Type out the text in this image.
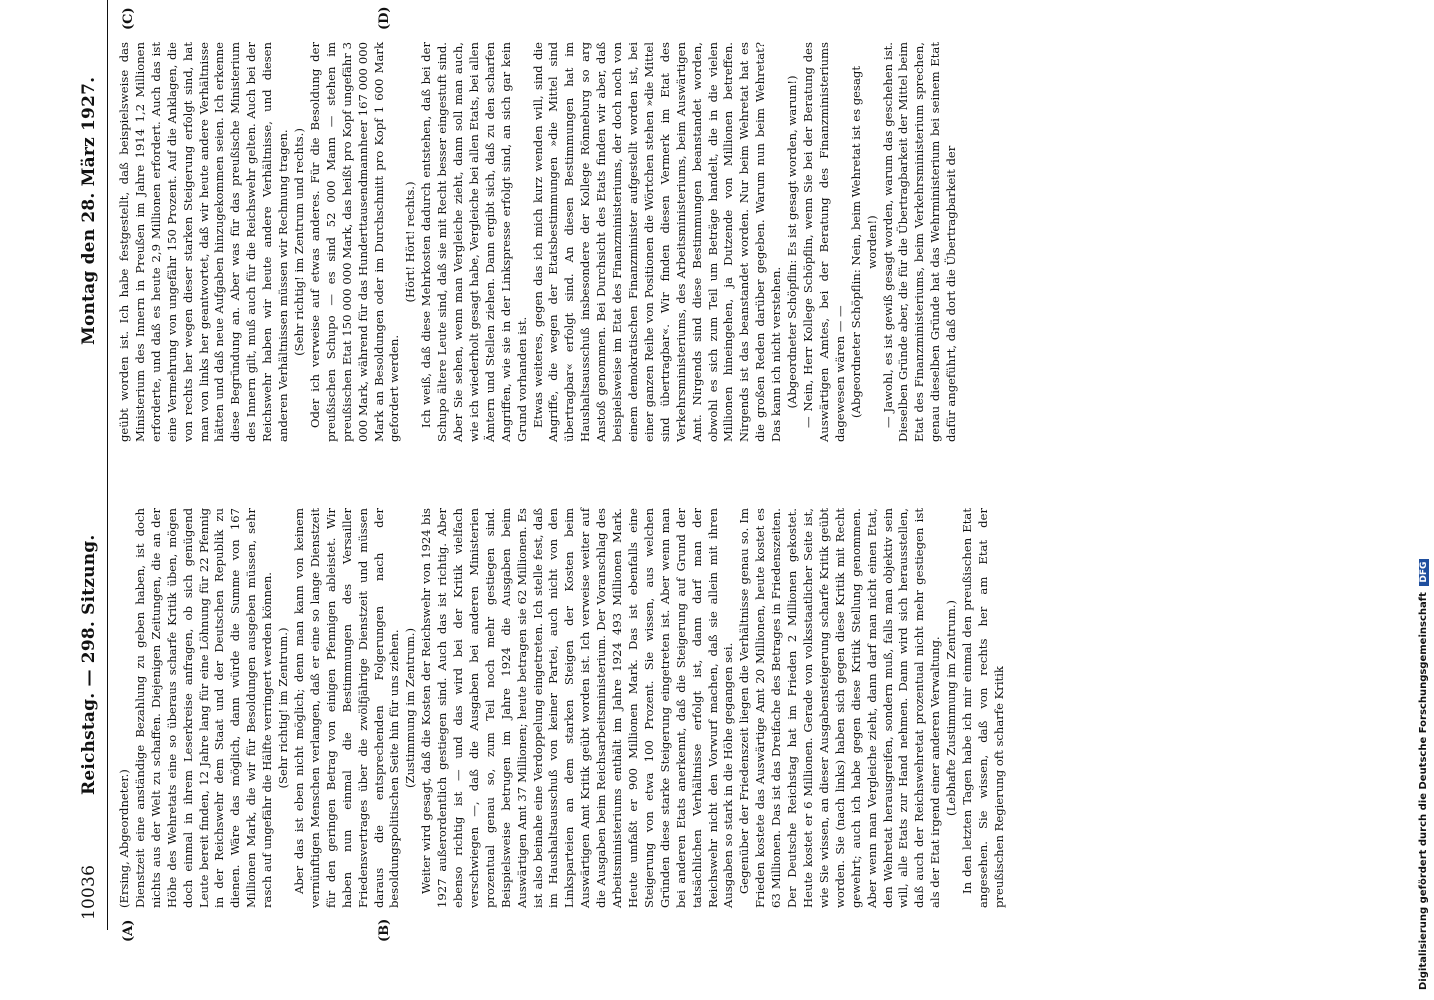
10036
Reichstag. — 298. Sitzung.
Montag den 28. März 1927.
(A)	(B)
(C)	(D)

(Ersing, Abgeordneter.) Dienstzeit eine anständige Bezahlung zu geben haben, ist doch nichts aus der Welt zu schaffen. Diejenigen Zeitungen, die an der Höhe des Wehretats eine so überaus scharfe Kritik üben, mögen doch einmal in ihrem Leserkreise anfragen, ob sich genügend Leute bereit finden, 12 Jahre lang für eine Löhnung für 22 Pfennig in der Reichswehr dem Staat und der Deutschen Republik zu dienen. Wäre das möglich, dann würde die Summe von 167 Millionen Mark, die wir für Besoldungen ausgeben müssen, sehr rasch auf ungefähr die Hälfte verringert werden können. (Sehr richtig! im Zentrum.) Aber das ist eben nicht möglich; denn man kann von keinem vernünftigen Menschen verlangen, daß er eine so lange Dienstzeit für den geringen Betrag von einigen Pfennigen ableistet. Wir haben nun einmal die Bestimmungen des Versailler Friedensvertrages über die zwölfjährige Dienstzeit und müssen daraus die entsprechenden Folgerungen nach der besoldungspolitischen Seite hin für uns ziehen. (Zustimmung im Zentrum.) Weiter wird gesagt, daß die Kosten der Reichswehr von 1924 bis 1927 außerordentlich gestiegen sind. Auch das ist richtig. Aber ebenso richtig ist — und das wird bei der Kritik vielfach verschwiegen —, daß die Ausgaben bei anderen Ministerien prozentual genau so, zum Teil noch mehr gestiegen sind. Beispielsweise betrugen im Jahre 1924 die Ausgaben beim Auswärtigen Amt 37 Millionen; heute betragen sie 62 Millionen. Es ist also beinahe eine Verdoppelung eingetreten. Ich stelle fest, daß im Haushaltsausschuß von keiner Partei, auch nicht von den Linksparteien an dem starken Steigen der Kosten beim Auswärtigen Amt Kritik geübt worden ist. Ich verweise weiter auf die Ausgaben beim Reichsarbeitsministerium. Der Voranschlag des Arbeitsministeriums enthält im Jahre 1924 493 Millionen Mark. Heute umfaßt er 900 Millionen Mark. Das ist ebenfalls eine Steigerung von etwa 100 Prozent. Sie wissen, aus welchen Gründen diese starke Steigerung eingetreten ist. Aber wenn man bei anderen Etats anerkennt, daß die Steigerung auf Grund der tatsächlichen Verhältnisse erfolgt ist, dann darf man der Reichswehr nicht den Vorwurf machen, daß sie allein mit ihren Ausgaben so stark in die Höhe gegangen sei. Gegenüber der Friedenszeit liegen die Verhältnisse genau so. Im Frieden kostete das Auswärtige Amt 20 Millionen, heute kostet es 63 Millionen. Das ist das Dreifache des Betrages in Friedenszeiten. Der Deutsche Reichstag hat im Frieden 2 Millionen gekostet. Heute kostet er 6 Millionen. Gerade von volksstaatlicher Seite ist, wie Sie wissen, an dieser Ausgabensteigerung scharfe Kritik geübt worden. Sie (nach links) haben sich gegen diese Kritik mit Recht gewehrt; auch ich habe gegen diese Kritik Stellung genommen. Aber wenn man Vergleiche zieht, dann darf man nicht einen Etat, den Wehretat herausgreifen, sondern muß, falls man objektiv sein will, alle Etats zur Hand nehmen. Dann wird sich herausstellen, daß auch der Reichswehretat prozentual nicht mehr gestiegen ist als der Etat irgend einer anderen Verwaltung. (Lebhafte Zustimmung im Zentrum.) In den letzten Tagen habe ich mir einmal den preußischen Etat angesehen. Sie wissen, daß von rechts her am Etat der preußischen Regierung oft scharfe Kritik

geübt worden ist. Ich habe festgestellt, daß beispielsweise das Ministerium des Innern in Preußen im Jahre 1914 1,2 Millionen erforderte, und daß es heute 2,9 Millionen erfordert. Auch das ist eine Vermehrung von ungefähr 150 Prozent. Auf die Anklagen, die von rechts her wegen dieser starken Steigerung erfolgt sind, hat man von links her geantwortet, daß wir heute andere Verhältnisse hätten und daß neue Aufgaben hinzugekommen seien. Ich erkenne diese Begründung an. Aber was für das preußische Ministerium des Innern gilt, muß auch für die Reichswehr gelten. Auch bei der Reichswehr haben wir heute andere Verhältnisse, und diesen anderen Verhältnissen müssen wir Rechnung tragen. (Sehr richtig! im Zentrum und rechts.) Oder ich verweise auf etwas anderes. Für die Besoldung der preußischen Schupo — es sind 52 000 Mann — stehen im preußischen Etat 150 000 000 Mark, das heißt pro Kopf ungefähr 3 000 Mark, während für das Hunderttausendmannheer 167 000 000 Mark an Besoldungen oder im Durchschnitt pro Kopf 1 600 Mark gefordert werden.

(Hört! Hört! rechts.) Ich weiß, daß diese Mehrkosten dadurch entstehen, daß bei der Schupo ältere Leute sind, daß sie mit Recht besser eingestuft sind. Aber Sie sehen, wenn man Vergleiche zieht, dann soll man auch, wie ich wiederholt gesagt habe, Vergleiche bei allen Etats, bei allen Ämtern und Stellen ziehen. Dann ergibt sich, daß zu den scharfen Angriffen, wie sie in der Linkspresse erfolgt sind, an sich gar kein Grund vorhanden ist. Etwas weiteres, gegen das ich mich kurz wenden will, sind die Angriffe, die wegen der Etatsbestimmungen »die Mittel sind übertragbar« erfolgt sind. An diesen Bestimmungen hat im Haushaltsausschuß insbesondere der Kollege Rönneburg so arg Anstoß genommen. Bei Durchsicht des Etats finden wir aber, daß beispielsweise im Etat des Finanzministeriums, der doch noch von einem demokratischen Finanzminister aufgestellt worden ist, bei einer ganzen Reihe von Positionen die Wörtchen stehen »die Mittel sind übertragbar«. Wir finden diesen Vermerk im Etat des Verkehrsministeriums, des Arbeitsministeriums, beim Auswärtigen Amt. Nirgends sind diese Bestimmungen beanstandet worden, obwohl es sich zum Teil um Beträge handelt, die in die vielen Millionen hineingehen, ja Dutzende von Millionen betreffen. Nirgends ist das beanstandet worden. Nur beim Wehretat hat es die großen Reden darüber gegeben. Warum nun beim Wehretat? Das kann ich nicht verstehen. (Abgeordneter Schöpflin: Es ist gesagt worden, warum!) — Nein, Herr Kollege Schöpflin, wenn Sie bei der Beratung des Auswärtigen Amtes, bei der Beratung des Finanzministeriums dagewesen wären — — (Abgeordneter Schöpflin: Nein, beim Wehretat ist es gesagt worden!) — Jawohl, es ist gewiß gesagt worden, warum das geschehen ist. Dieselben Gründe aber, die für die Übertragbarkeit der Mittel beim Etat des Finanzministeriums, beim Verkehrsministerium sprechen, genau dieselben Gründe hat das Wehrministerium bei seinem Etat dafür angeführt, daß dort die Übertragbarkeit der

Digitalisierung gefördert durch die Deutsche Forschungsgemeinschaft DFG
